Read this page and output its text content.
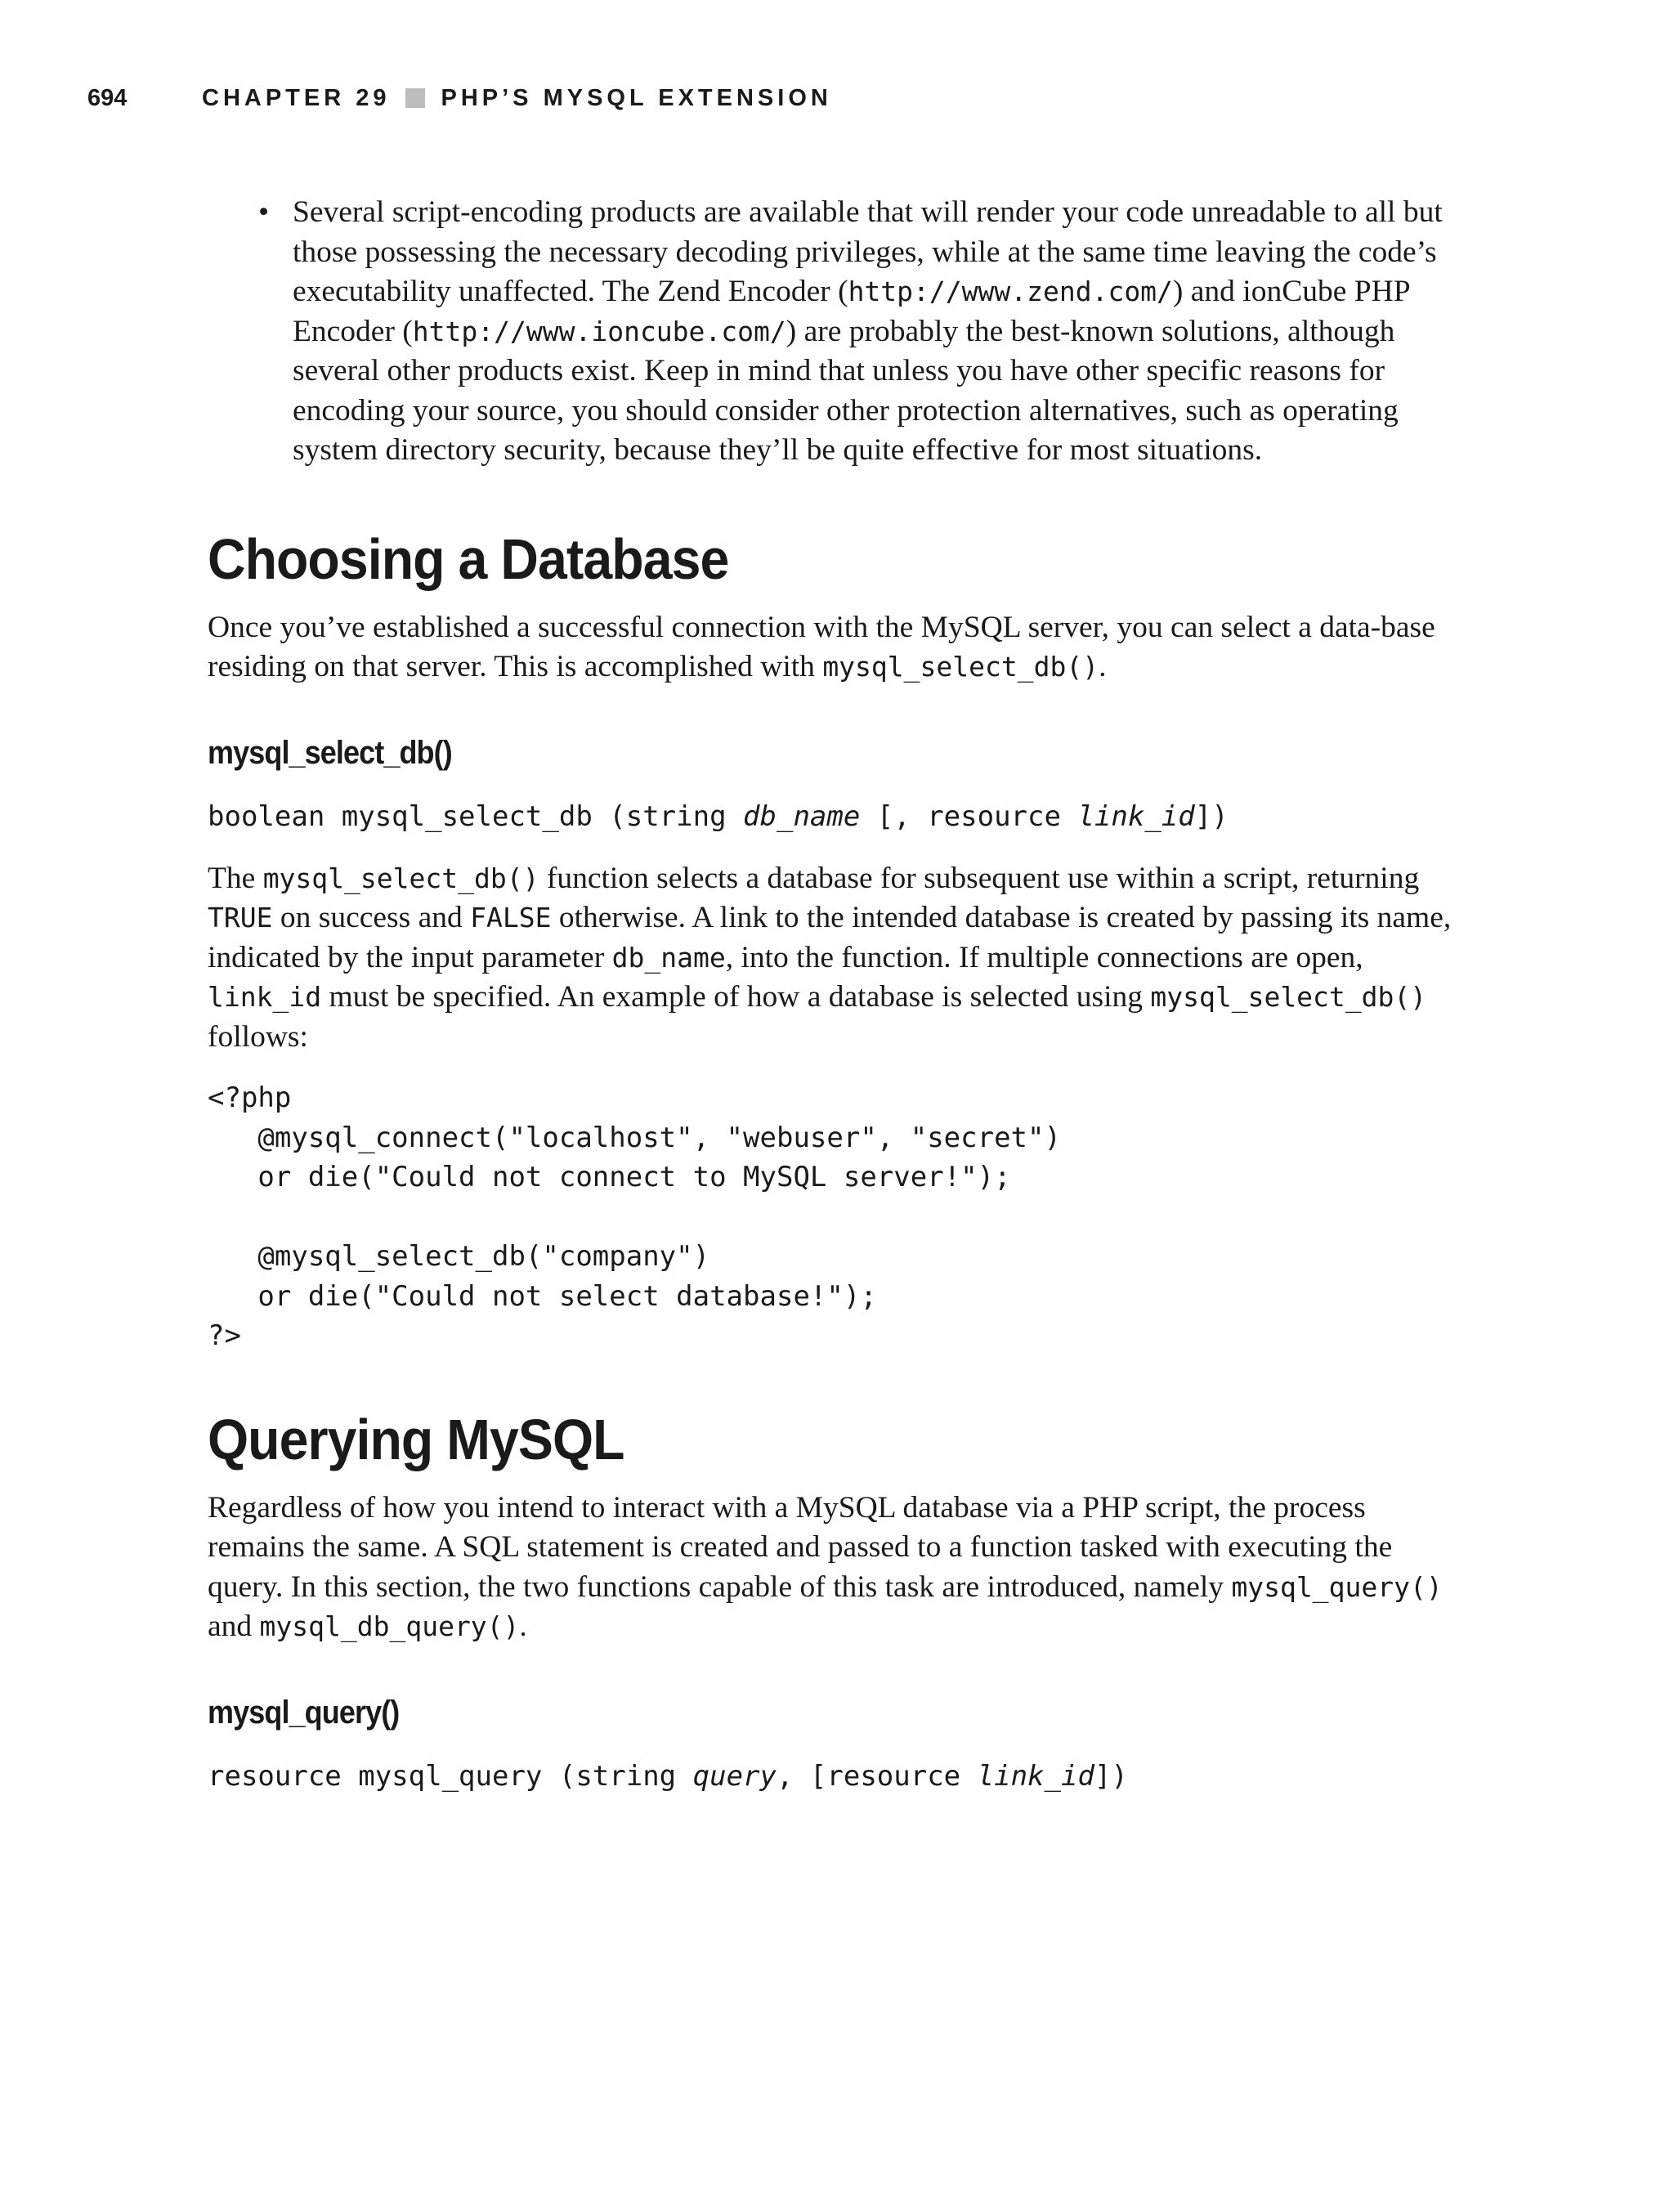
694	CHAPTER 29 PHP’S MYSQL EXTENSION
• Several script-encoding products are available that will render your code unreadable to all but those possessing the necessary decoding privileges, while at the same time leaving the code’s executability unaffected. The Zend Encoder (http://www.zend.com/) and ionCube PHP Encoder (http://www.ioncube.com/) are probably the best-known solutions, although several other products exist. Keep in mind that unless you have other specific reasons for encoding your source, you should consider other protection alternatives, such as operating system directory security, because they’ll be quite effective for most situations.
Choosing a Database

Once you’ve established a successful connection with the MySQL server, you can select a data-base residing on that server. This is accomplished with mysql_select_db().

mysql_select_db()

boolean mysql_select_db (string db_name [, resource link_id])

The mysql_select_db() function selects a database for subsequent use within a script, returning TRUE on success and FALSE otherwise. A link to the intended database is created by passing its name, indicated by the input parameter db_name, into the function. If multiple connections are open, link_id must be specified. An example of how a database is selected using mysql_select_db() follows:

<?php
@mysql_connect("localhost", "webuser", "secret")
or die("Could not connect to MySQL server!");

@mysql_select_db("company")
or die("Could not select database!");
?>
Querying MySQL

Regardless of how you intend to interact with a MySQL database via a PHP script, the process remains the same. A SQL statement is created and passed to a function tasked with executing the query. In this section, the two functions capable of this task are introduced, namely mysql_query() and mysql_db_query().

mysql_query()

resource mysql_query (string query, [resource link_id])
